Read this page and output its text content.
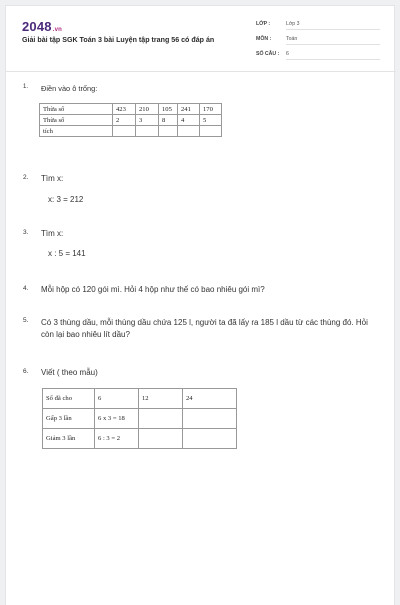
2048.vn
Giải bài tập SGK Toán 3 bài Luyện tập trang 56 có đáp án
LỚP :	Lớp 3
MÔN :	Toán
SỐ CÂU : 6
1. Điền vào ô trống:
Thừa số	423	210	105	241	170
Thừa số	2	3	8	4	5
tích					
2. Tìm x:
x: 3 = 212
3. Tìm x:
x : 5 = 141
4. Mỗi hộp có 120 gói mì. Hỏi 4 hộp như thế có bao nhiêu gói mì?
5. Có 3 thùng dầu, mỗi thùng dầu chứa 125 l, người ta đã lấy ra 185 l dầu từ các thùng đó. Hỏi còn lại bao nhiêu lít dầu?
6. Viết ( theo mẫu)
Số đã cho	6	12	24
Gấp 3 lần	6 x 3 = 18		
Giảm 3 lần	6 : 3 = 2		
